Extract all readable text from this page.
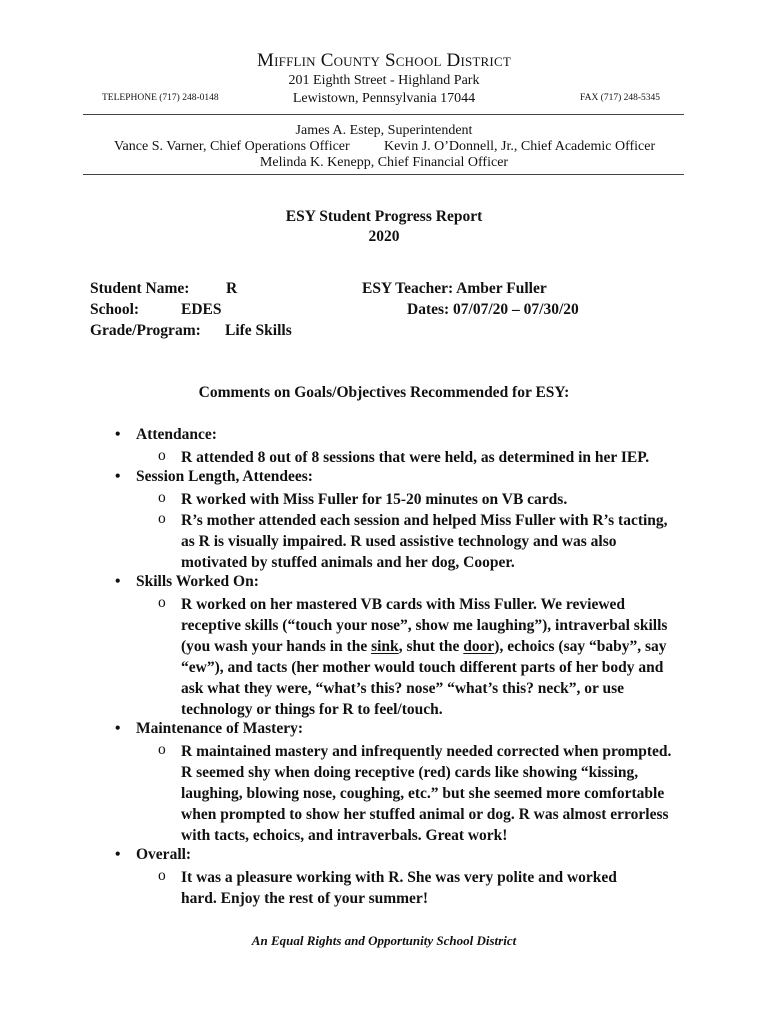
Mifflin County School District
201 Eighth Street - Highland Park
Lewistown, Pennsylvania 17044
TELEPHONE (717) 248-0148	FAX (717) 248-5345
James A. Estep, Superintendent
Vance S. Varner, Chief Operations Officer Kevin J. O’Donnell, Jr., Chief Academic Officer
Melinda K. Kenepp, Chief Financial Officer
ESY Student Progress Report
2020
Student Name: R	ESY Teacher: Amber Fuller
School:	EDES	Dates: 07/07/20 – 07/30/20
Grade/Program: Life Skills
Comments on Goals/Objectives Recommended for ESY:
• Attendance:
o R attended 8 out of 8 sessions that were held, as determined in her IEP.
• Session Length, Attendees:
o R worked with Miss Fuller for 15-20 minutes on VB cards.
o R’s mother attended each session and helped Miss Fuller with R’s tacting, as R is visually impaired. R used assistive technology and was also motivated by stuffed animals and her dog, Cooper.
• Skills Worked On:
o R worked on her mastered VB cards with Miss Fuller. We reviewed receptive skills (“touch your nose”, show me laughing”), intraverbal skills (you wash your hands in the sink, shut the door), echoics (say “baby”, say “ew”), and tacts (her mother would touch different parts of her body and ask what they were, “what’s this? nose” “what’s this? neck”, or use technology or things for R to feel/touch.
• Maintenance of Mastery:
o R maintained mastery and infrequently needed corrected when prompted. R seemed shy when doing receptive (red) cards like showing “kissing, laughing, blowing nose, coughing, etc.” but she seemed more comfortable when prompted to show her stuffed animal or dog. R was almost errorless with tacts, echoics, and intraverbals. Great work!
• Overall:
o It was a pleasure working with R. She was very polite and worked hard. Enjoy the rest of your summer!
An Equal Rights and Opportunity School District
